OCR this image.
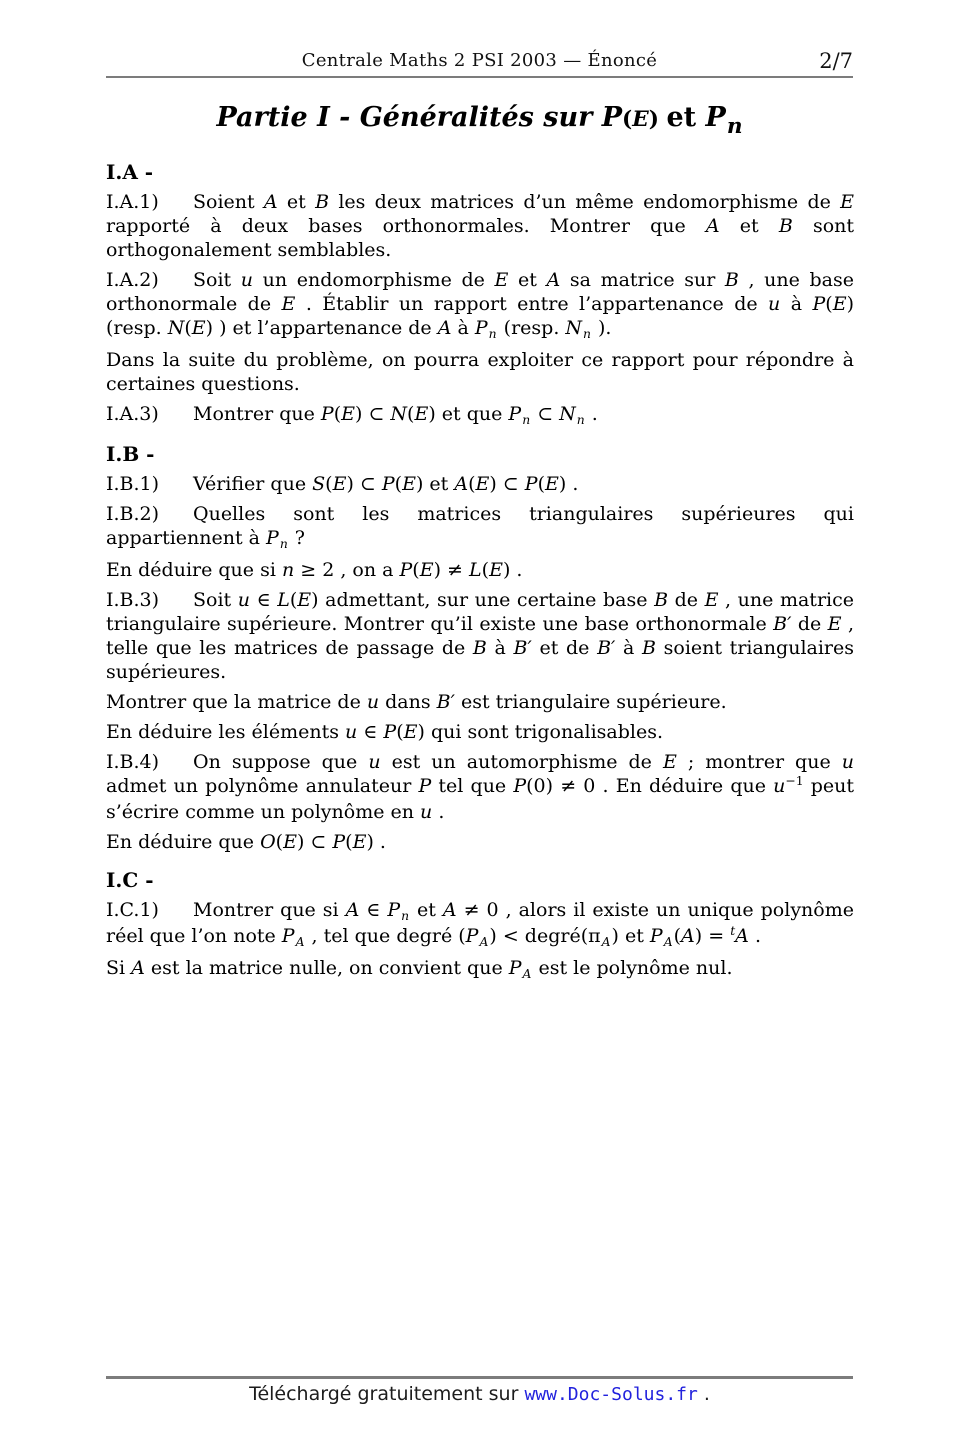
Centrale Maths 2 PSI 2003 — Énoncé	2/7
Partie I - Généralités sur P(E) et $P_n$

I.A -

I.A.1) Soient A et B les deux matrices d’un même endomorphisme de E rapporté à deux bases orthonormales. Montrer que A et B sont orthogonalement semblables.

I.A.2) Soit u un endomorphisme de E et A sa matrice sur B , une base orthonormale de E . Établir un rapport entre l’appartenance de u à P(E) (resp. N(E) ) et l’appartenance de A à $P_n$ (resp. $N_n$ ).

Dans la suite du problème, on pourra exploiter ce rapport pour répondre à certaines questions.

I.A.3) Montrer que P(E) ⊂ N(E) et que $P_n$ ⊂ $N_n$ .

I.B -

I.B.1) Vérifier que S(E) ⊂ P(E) et A(E) ⊂ P(E) .

I.B.2) Quelles sont les matrices triangulaires supérieures qui appartiennent à $P_n$ ?

En déduire que si n ≥ 2 , on a P(E) ≠ L(E) .

I.B.3) Soit u ∈ L(E) admettant, sur une certaine base B de E , une matrice triangulaire supérieure. Montrer qu’il existe une base orthonormale B′ de E , telle que les matrices de passage de B à B′ et de B′ à B soient triangulaires supérieures.

Montrer que la matrice de u dans B′ est triangulaire supérieure.

En déduire les éléments u ∈ P(E) qui sont trigonalisables.

I.B.4) On suppose que u est un automorphisme de E ; montrer que u admet un polynôme annulateur P tel que P(0) ≠ 0 . En déduire que $u^{-1}$ peut s’écrire comme un polynôme en u .

En déduire que O(E) ⊂ P(E) .

I.C -

I.C.1) Montrer que si A ∈ $P_n$ et A ≠ 0 , alors il existe un unique polynôme réel que l’on note $P_A$ , tel que degré $(P_A)$ < $degré(\pi_A)$ et $P_A(A) = ^tA$ .

Si A est la matrice nulle, on convient que $P_A$ est le polynôme nul.

Téléchargé gratuitement sur www.Doc-Solus.fr .
